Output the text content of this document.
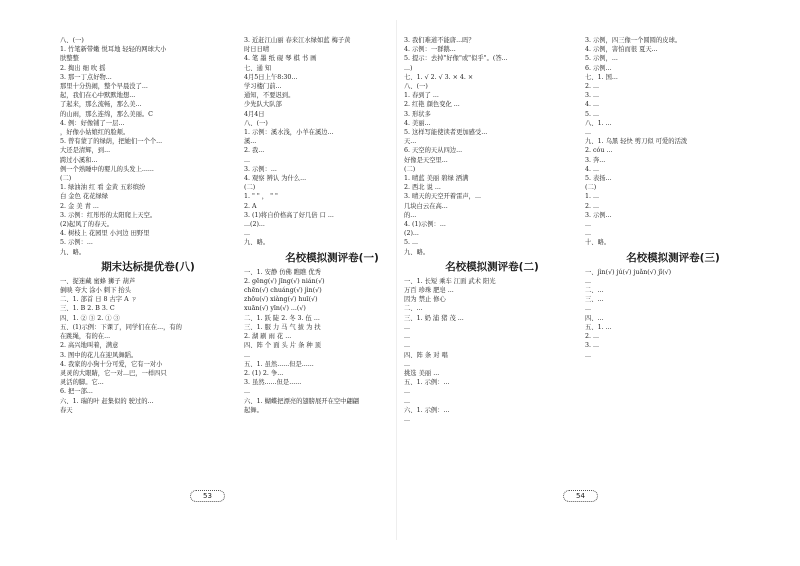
八、(一)
1. 竹笔新带嫩 悦耳地 轻轻的网球大小
肤整整
2. 掏出 细 吹 摇
3. 那一丁点好物...
那里十分热闹，整个早晨没了...
起，我们在心中默默地想...
了起来，那么流畅，那么美...
的山雨，那么连绵，那么美丽。C
4. 例：好像铺了一层...
，好像小姑娘红的脸颊。
5. 曾有蒙了的绿荫，把她们一个个...
大还是清辉，到...
跨过小溪和...
例一个熟睡中的婴儿的头发上......
(二)
1. 绿油油 红 看 金黄 五彩缤纷
白 金色 花花绿绿
2. 金 美 青 ...
3. 示例：红彤彤的太阳爬上天空。
(2)起风了的春天。
4. 树枝上 花园里 小河边 田野里
5. 示例：...
九、略。
期末达标提优卷(八)
一、捉迷藏 蜜蜂 狮子 葫芦
倒映 夸大 涂小 刺下 抬头
二、1. 部首 日 8 古字 A ㄗ
三、1. B 2. B 3. C
四、1. ② ③ 2. ① ③
五、(1)示例：下课了，同学们在在...，有的
在跳绳，有的在...
2. 高兴地叫着，满意
3. 图中的花儿在迎风舞蹈。
4. 我家的小狗十分可爱，它有一对小
灵灵的大眼睛，它一对...巴，一样四只
灵活的脚。它...
6. 把一部...
六、1. 瑞的叶 赶集似的 驶过的...
春天
3. 近赶江山丽 春来江水绿如蓝 梅子黄
时日日晴
4. 笔 墨 纸 砚 琴 棋 书 画
七、通 知
4月5日上午8:30...
学习楼门前...
通知，不要迟到。
少先队大队部
4月4日
八、(一)
1. 示例：溪水浅，小羊在溪边...
溪...
2. 我...
...
3. 示例：...
4. 观察 辨认 为什么...
(二)
1. " " ， " "
2. A
3. (1)将自价格高了好几倍 口 ...
...(2)...
...
九、略。
名校模拟测评卷(一)
一、1. 安静 仿佛 瞧瞧 优秀
2. gēng(√) jīng(√) nián(√)
chēn(√) chuáng(√) jìn(√)
zhōu(√) xiàng(√) huī(√)
xuān(√) yīn(√) ...(√)
二、1. 跃 陡 2. 冬 3. 伍 ...
三、1. 服 力 马 气 拔 为 扶
2. 湖 刷 雨 花 ...
四、阵 个 面 头 片 条 种 顶
...
五、1. 虽然......但是......
2. (1) 2. 争...
3. 虽然......但是......
...
六、1. 蝴蝶把漂亮的翅膀展开在空中翩翩
起舞。
53
3. 我们难道不能唐...吗？
4. 示例：一群鹅...
5. 提示：去掉"好像"或"似乎"。(答...
...)
七、1. √ 2. √ 3. × 4. ×
八、(一)
1. 春到了 ...
2. 红艳 颜色变化 ...
3. 形状多
4. 美丽...
5. 这样写能使读者更加感受...
天...
6. 天空的天从四边...
好像是天空里...
(二)
1. 晴蓝 美丽 碧绿 洒满
2. 西北 说 ...
3. 晴天的天空开着雷声，...
几块白云在高...
的...
4. (1)示例：...
(2)...
5. ...
九、略。
名校模拟测评卷(二)
一、1. 长短 乘车 江面 武术 阳光
万百 珍珠 肥皂 ...
因为 禁止 修心
二、...
三、1. 奶 浦 猪 茂 ...
...
...
...
四、阵 条 对 唱
...
挑选 美丽 ...
五、1. 示例：...
...
...
六、1. 示例：...
...
3. 示例，四三像一个圆圆的皮球。
4. 示例，害怕而很 夏天...
5. 示例，...
6. 示例...
七、1. 国...
2. ...
3. ...
4. ...
5. ...
八、1. ...
...
九、1. 乌黑 轻快 剪刀似 可爱的活泼
2. cóu ...
3. 奔...
4. ...
5. 表扬...
(二)
1. ...
2. ...
3. 示例...
...
...
十、略。
名校模拟测评卷(三)
一、jìn(√) jú(√) juǎn(√) jǐ(√)
...
二、...
三、...
...
四、...
五、1. ...
2. ...
3. ...
...
54
